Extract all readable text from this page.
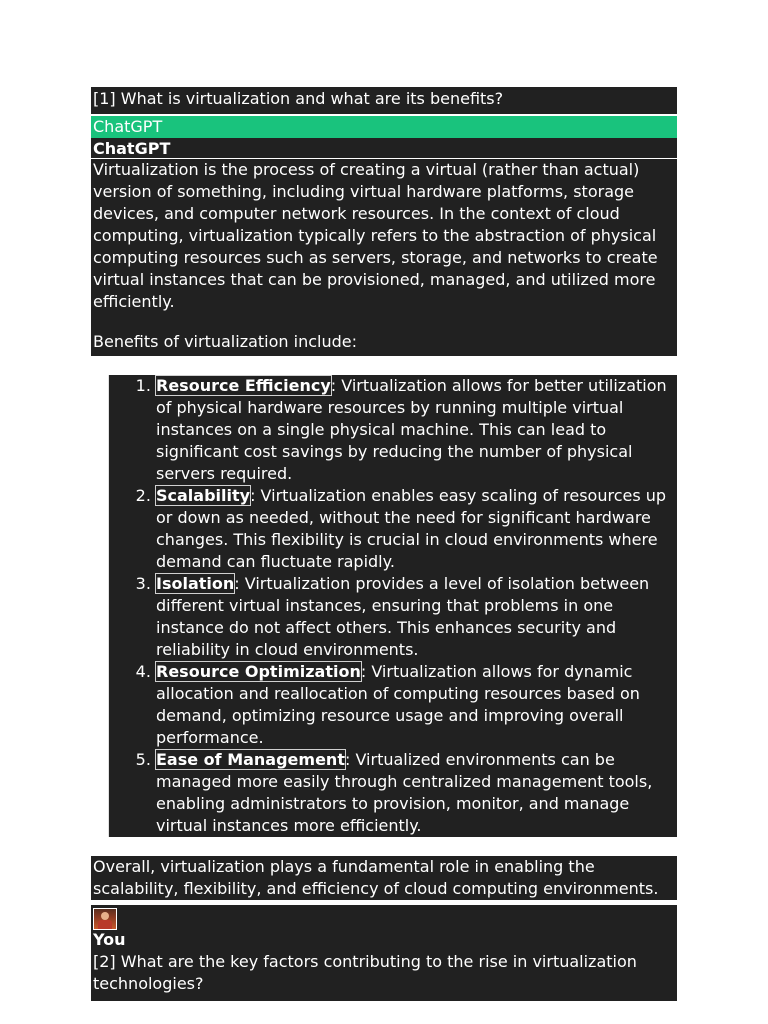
[1] What is virtualization and what are its benefits?
ChatGPT
ChatGPT
Virtualization is the process of creating a virtual (rather than actual) version of something, including virtual hardware platforms, storage devices, and computer network resources. In the context of cloud computing, virtualization typically refers to the abstraction of physical computing resources such as servers, storage, and networks to create virtual instances that can be provisioned, managed, and utilized more efficiently.
Benefits of virtualization include:
1. Resource Efficiency: Virtualization allows for better utilization of physical hardware resources by running multiple virtual instances on a single physical machine. This can lead to significant cost savings by reducing the number of physical servers required.
2. Scalability: Virtualization enables easy scaling of resources up or down as needed, without the need for significant hardware changes. This flexibility is crucial in cloud environments where demand can fluctuate rapidly.
3. Isolation: Virtualization provides a level of isolation between different virtual instances, ensuring that problems in one instance do not affect others. This enhances security and reliability in cloud environments.
4. Resource Optimization: Virtualization allows for dynamic allocation and reallocation of computing resources based on demand, optimizing resource usage and improving overall performance.
5. Ease of Management: Virtualized environments can be managed more easily through centralized management tools, enabling administrators to provision, monitor, and manage virtual instances more efficiently.
Overall, virtualization plays a fundamental role in enabling the scalability, flexibility, and efficiency of cloud computing environments.
You
[2] What are the key factors contributing to the rise in virtualization technologies?
